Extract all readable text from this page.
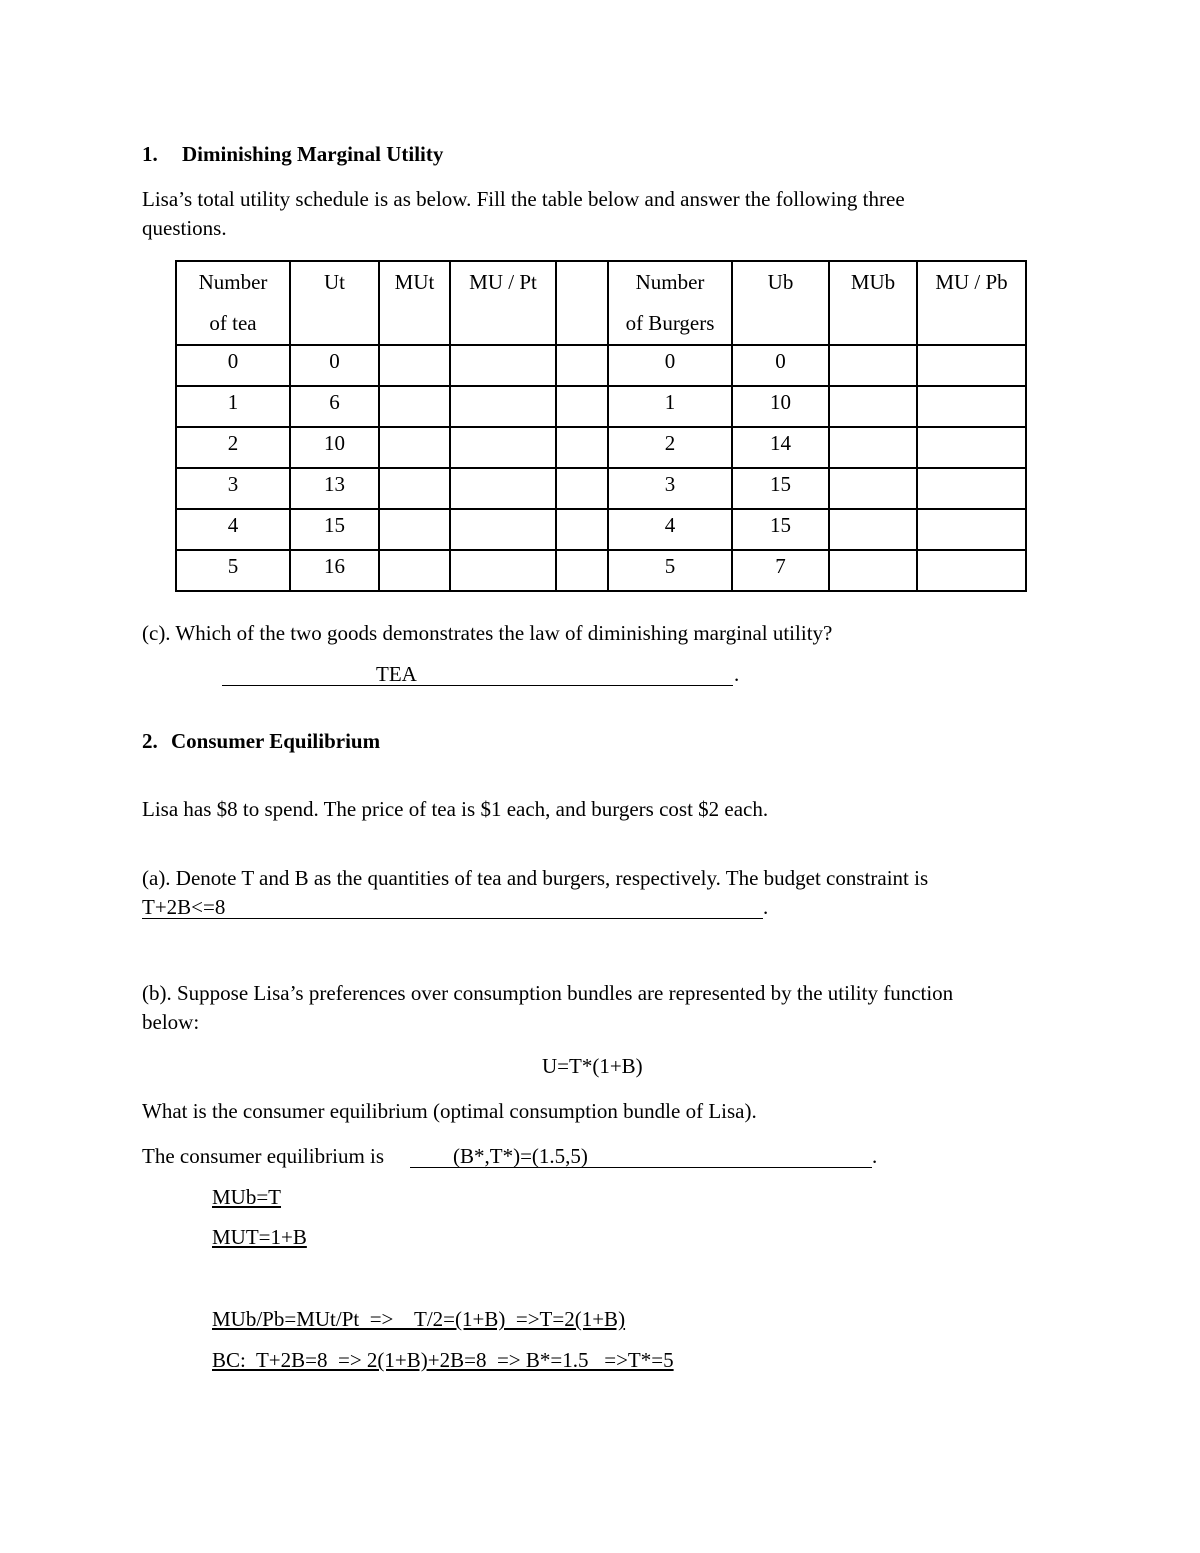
1. Diminishing Marginal Utility
Lisa’s total utility schedule is as below. Fill the table below and answer the following three
questions.
Number
of tea	Ut	MUt	MU / Pt		Number
of Burgers	Ub	MUb	MU / Pb
0	0				0	0		
1	6				1	10		
2	10				2	14		
3	13				3	15		
4	15				4	15		
5	16				5	7		
(c). Which of the two goods demonstrates the law of diminishing marginal utility?
TEA	.
2. Consumer Equilibrium
Lisa has $8 to spend. The price of tea is $1 each, and burgers cost $2 each.
(a). Denote T and B as the quantities of tea and burgers, respectively. The budget constraint is
T+2B<=8	.
(b). Suppose Lisa’s preferences over consumption bundles are represented by the utility function
below:
U=T*(1+B)
What is the consumer equilibrium (optimal consumption bundle of Lisa).
The consumer equilibrium is	(B*,T*)=(1.5,5)	.
MUb=T
MUT=1+B
MUb/Pb=MUt/Pt  =>    T/2=(1+B)  =>T=2(1+B)
BC:  T+2B=8  => 2(1+B)+2B=8  => B*=1.5   =>T*=5
